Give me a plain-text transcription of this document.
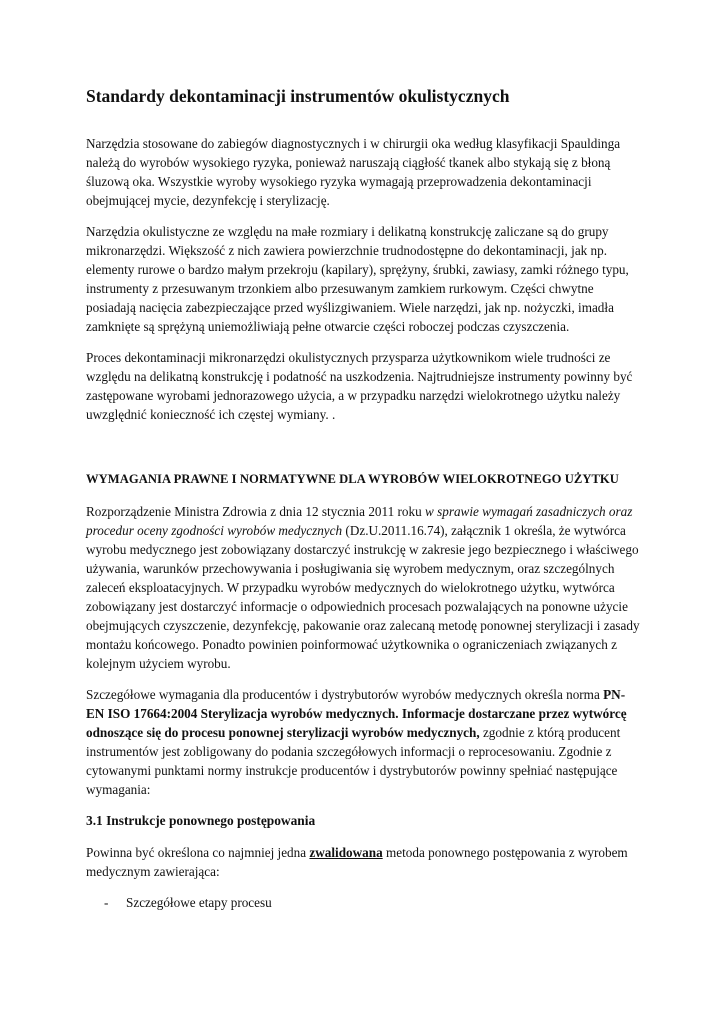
Standardy dekontaminacji instrumentów okulistycznych

Narzędzia stosowane do zabiegów diagnostycznych i w chirurgii oka według klasyfikacji Spauldinga należą do wyrobów wysokiego ryzyka, ponieważ naruszają ciągłość tkanek albo stykają się z błoną śluzową oka. Wszystkie wyroby wysokiego ryzyka wymagają przeprowadzenia dekontaminacji obejmującej mycie, dezynfekcję i sterylizację.

Narzędzia okulistyczne ze względu na małe rozmiary i delikatną konstrukcję zaliczane są do grupy mikronarzędzi. Większość z nich zawiera powierzchnie trudnodostępne do dekontaminacji, jak np. elementy rurowe o bardzo małym przekroju (kapilary), sprężyny, śrubki, zawiasy, zamki różnego typu, instrumenty z przesuwanym trzonkiem albo przesuwanym zamkiem rurkowym. Części chwytne posiadają nacięcia zabezpieczające przed wyślizgiwaniem. Wiele narzędzi, jak np. nożyczki, imadła zamknięte są sprężyną uniemożliwiają pełne otwarcie części roboczej podczas czyszczenia.

Proces dekontaminacji mikronarzędzi okulistycznych przysparza użytkownikom wiele trudności ze względu na delikatną konstrukcję i podatność na uszkodzenia. Najtrudniejsze instrumenty powinny być zastępowane wyrobami jednorazowego użycia, a w przypadku narzędzi wielokrotnego użytku należy uwzględnić konieczność ich częstej wymiany. .

WYMAGANIA PRAWNE I NORMATYWNE DLA WYROBÓW WIELOKROTNEGO UŻYTKU

Rozporządzenie Ministra Zdrowia z dnia 12 stycznia 2011 roku w sprawie wymagań zasadniczych oraz procedur oceny zgodności wyrobów medycznych (Dz.U.2011.16.74), załącznik 1 określa, że wytwórca wyrobu medycznego jest zobowiązany dostarczyć instrukcję w zakresie jego bezpiecznego i właściwego używania, warunków przechowywania i posługiwania się wyrobem medycznym, oraz szczególnych zaleceń eksploatacyjnych. W przypadku wyrobów medycznych do wielokrotnego użytku, wytwórca zobowiązany jest dostarczyć informacje o odpowiednich procesach pozwalających na ponowne użycie obejmujących czyszczenie, dezynfekcję, pakowanie oraz zalecaną metodę ponownej sterylizacji i zasady montażu końcowego. Ponadto powinien poinformować użytkownika o ograniczeniach związanych z kolejnym użyciem wyrobu.

Szczegółowe wymagania dla producentów i dystrybutorów wyrobów medycznych określa norma PN-EN ISO 17664:2004 Sterylizacja wyrobów medycznych. Informacje dostarczane przez wytwórcę odnoszące się do procesu ponownej sterylizacji wyrobów medycznych, zgodnie z którą producent instrumentów jest zobligowany do podania szczegółowych informacji o reprocesowaniu. Zgodnie z cytowanymi punktami normy instrukcje producentów i dystrybutorów powinny spełniać następujące wymagania:

3.1 Instrukcje ponownego postępowania

Powinna być określona co najmniej jedna zwalidowana metoda ponownego postępowania z wyrobem medycznym zawierająca:

-	Szczegółowe etapy procesu
